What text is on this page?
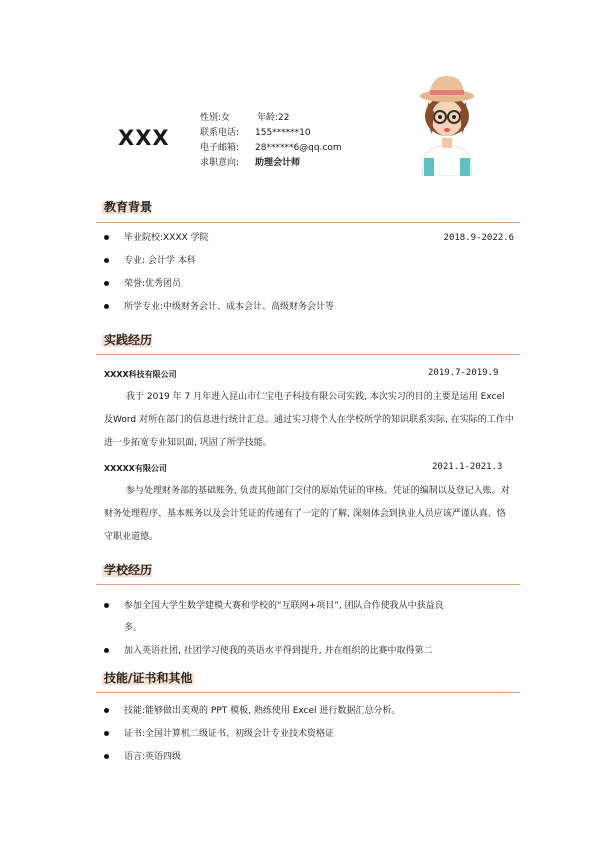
XXX
性别:女	年龄:22
联系电话: 155******10
电子邮箱: 28******6@qq.com
求职意向: 助理会计师
教育背景
毕业院校:XXXX 学院	2018.9-2022.6
专业: 会计学 本科
荣誉:优秀团员
所学专业:中级财务会计、成本会计、高级财务会计等
实践经历
XXXX科技有限公司	2019.7-2019.9

我于 2019 年 7 月年进入昆山市仁宝电子科技有限公司实践, 本次实习的目的主要是运用 Excel 及Word 对所在部门的信息进行统计汇总。通过实习将个人在学校所学的知识联系实际, 在实际的工作中进一步拓宽专业知识面, 巩固了所学技能。

XXXXX有限公司	2021.1-2021.3

参与处理财务部的基础账务, 负责其他部门交付的原始凭证的审核、凭证的编制以及登记入账。对财务处理程序、基本账务以及会计凭证的传递有了一定的了解, 深刻体会到执业人员应该严谨认真、恪守职业道德。

学校经历
参加全国大学生数学建模大赛和学校的“互联网+项目”, 团队合作使我从中获益良
多。
加入英语社团, 社团学习使我的英语水平得到提升, 并在组织的比赛中取得第二
技能/证书和其他
技能:能够做出美观的 PPT 模板, 熟练使用 Excel 进行数据汇总分析。
证书:全国计算机二级证书、初级会计专业技术资格证
语言:英语四级
